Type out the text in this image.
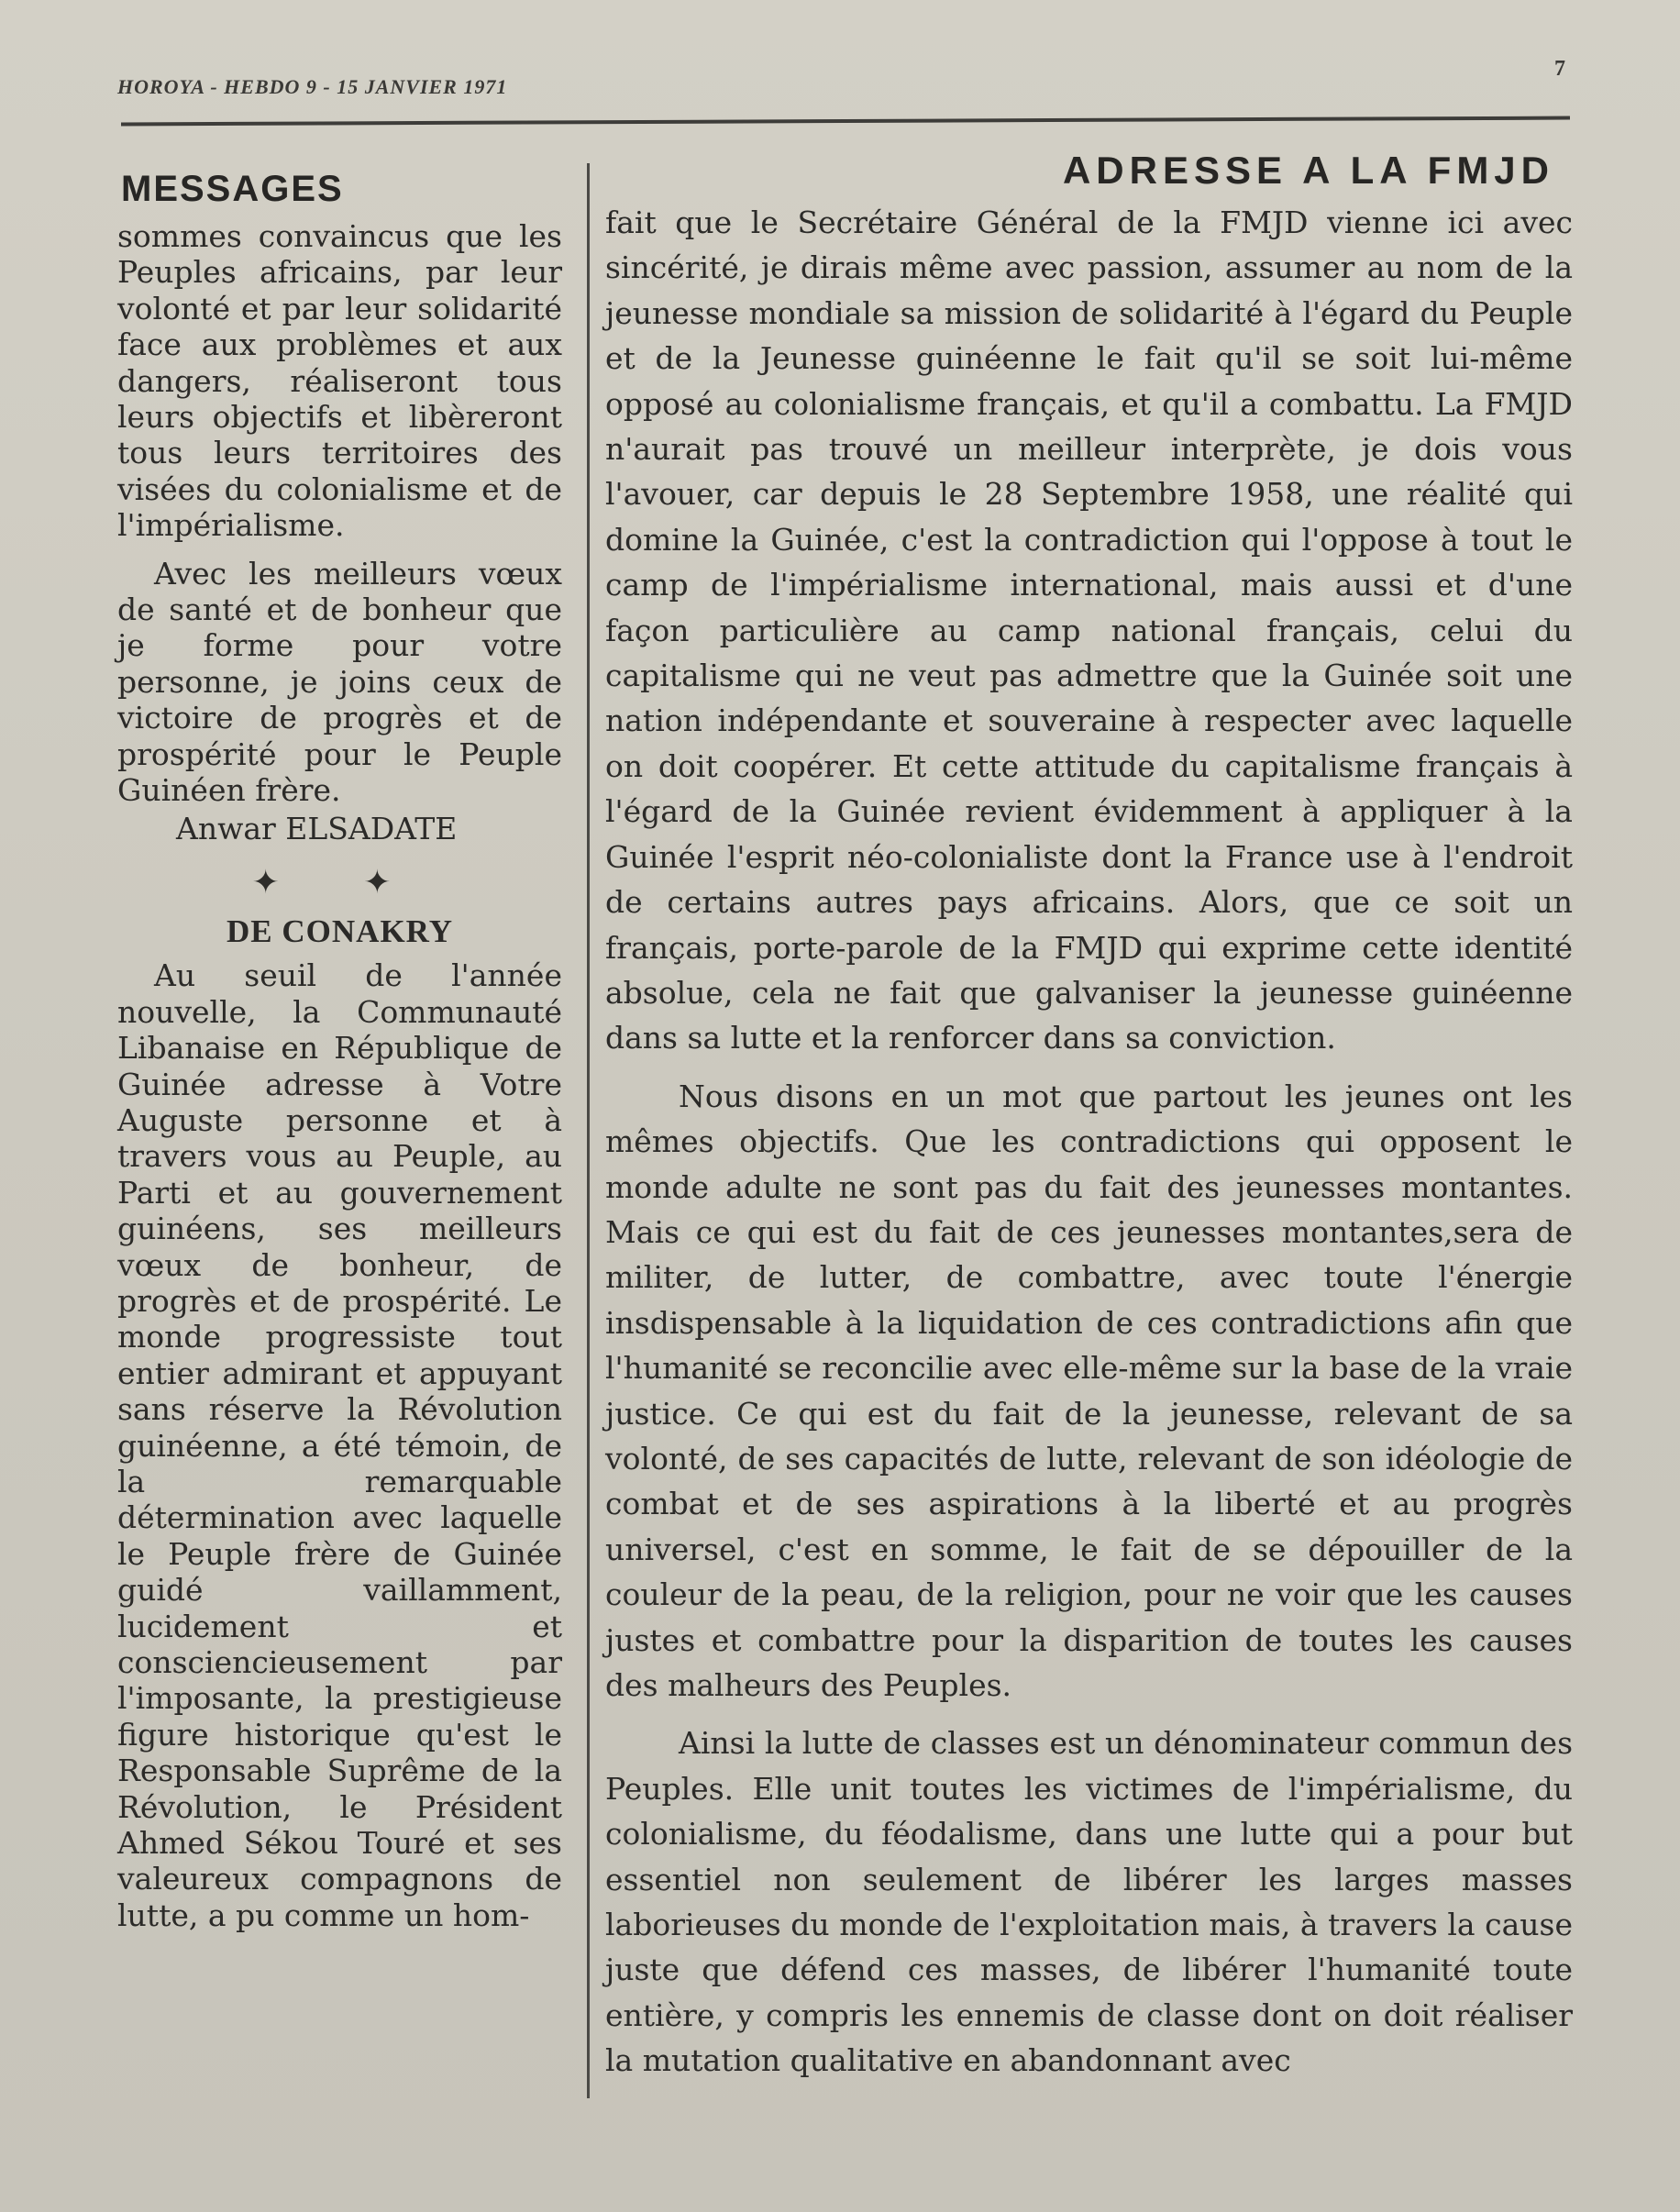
HOROYA - HEBDO 9 - 15 JANVIER 1971
7
MESSAGES

sommes convaincus que les Peuples africains, par leur volonté et par leur solidarité face aux problèmes et aux dangers, réaliseront tous leurs objectifs et libèreront tous leurs territoires des visées du colonialisme et de l'impérialisme.

Avec les meilleurs vœux de santé et de bonheur que je forme pour votre personne, je joins ceux de victoire de progrès et de prospérité pour le Peuple Guinéen frère.

Anwar ELSADATE
✦ ✦
DE CONAKRY

Au seuil de l'année nouvelle, la Communauté Libanaise en République de Guinée adresse à Votre Auguste personne et à travers vous au Peuple, au Parti et au gouvernement guinéens, ses meilleurs vœux de bonheur, de progrès et de prospérité. Le monde progressiste tout entier admirant et appuyant sans réserve la Révolution guinéenne, a été témoin, de la remarquable détermination avec laquelle le Peuple frère de Guinée guidé vaillamment, lucidement et consciencieusement par l'imposante, la prestigieuse figure historique qu'est le Responsable Suprême de la Révolution, le Président Ahmed Sékou Touré et ses valeureux compagnons de lutte, a pu comme un hom-

ADRESSE A LA FMJD

fait que le Secrétaire Général de la FMJD vienne ici avec sincérité, je dirais même avec passion, assumer au nom de la jeunesse mondiale sa mission de solidarité à l'égard du Peuple et de la Jeunesse guinéenne le fait qu'il se soit lui-même opposé au colonialisme français, et qu'il a combattu. La FMJD n'aurait pas trouvé un meilleur interprète, je dois vous l'avouer, car depuis le 28 Septembre 1958, une réalité qui domine la Guinée, c'est la contradiction qui l'oppose à tout le camp de l'impérialisme international, mais aussi et d'une façon particulière au camp national français, celui du capitalisme qui ne veut pas admettre que la Guinée soit une nation indépendante et souveraine à respecter avec laquelle on doit coopérer. Et cette attitude du capitalisme français à l'égard de la Guinée revient évidemment à appliquer à la Guinée l'esprit néo-colonialiste dont la France use à l'endroit de certains autres pays africains. Alors, que ce soit un français, porte-parole de la FMJD qui exprime cette identité absolue, cela ne fait que galvaniser la jeunesse guinéenne dans sa lutte et la renforcer dans sa conviction.

Nous disons en un mot que partout les jeunes ont les mêmes objectifs. Que les contradictions qui opposent le monde adulte ne sont pas du fait des jeunesses montantes. Mais ce qui est du fait de ces jeunesses montantes,sera de militer, de lutter, de combattre, avec toute l'énergie insdispensable à la liquidation de ces contradictions afin que l'humanité se reconcilie avec elle-même sur la base de la vraie justice. Ce qui est du fait de la jeunesse, relevant de sa volonté, de ses capacités de lutte, relevant de son idéologie de combat et de ses aspirations à la liberté et au progrès universel, c'est en somme, le fait de se dépouiller de la couleur de la peau, de la religion, pour ne voir que les causes justes et combattre pour la disparition de toutes les causes des malheurs des Peuples.

Ainsi la lutte de classes est un dénominateur commun des Peuples. Elle unit toutes les victimes de l'impérialisme, du colonialisme, du féodalisme, dans une lutte qui a pour but essentiel non seulement de libérer les larges masses laborieuses du monde de l'exploitation mais, à travers la cause juste que défend ces masses, de libérer l'humanité toute entière, y compris les ennemis de classe dont on doit réaliser la mutation qualitative en abandonnant avec
